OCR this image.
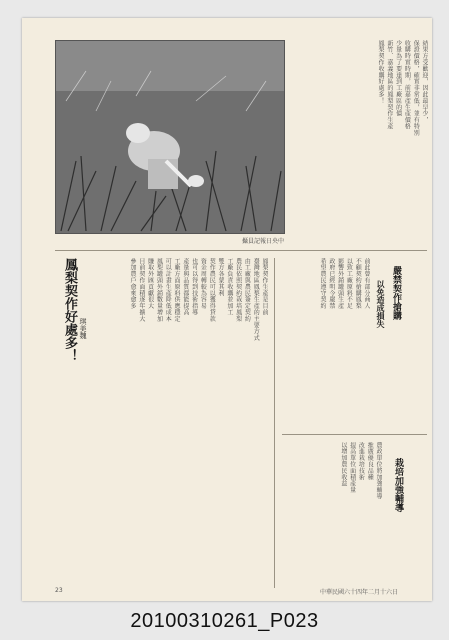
攝員記報日央中
結果方受歡迎，因此最早少，
保證價格，確實非常低，並有特別
收購時實時期，前嘉產生產價格
少量為了要達到工廠區的價
新竹、嘉義地區的鳳梨契作生產
鳳梨契作收購好處多！
鳳梨契作好處多！ 琪美魏
鳳梨契作生產是目前
臺灣地區鳳梨生產的主要方式
由工廠與農民簽定契約
農民依照契約栽培鳳梨
工廠負責收購並加工
雙方各蒙其利
契作農民可以獲得貸款
資金周轉較為容易
也可以得到技術指導
產量與品質都能提高
工廠方面原料供應穩定
可以計畫生產降低成本
鳳梨罐頭外銷數量增加
賺取外匯貢獻很大
目前契作面積逐年擴大
參加農戶愈來愈多	嚴禁契作搶購
以免造成損失
前此曾有部分商人
不顧契約搶購鳳梨
以致工廠原料不足
影響外銷罐頭生產
政府已經明令嚴禁
希望農民遵守契約
栽培加強輔導
農政單位將加強輔導
推廣優良品種
改進栽培技術
提高單位面積產量
以增加農民收益
23	中華民國六十四年二月十六日
20100310261_P023
